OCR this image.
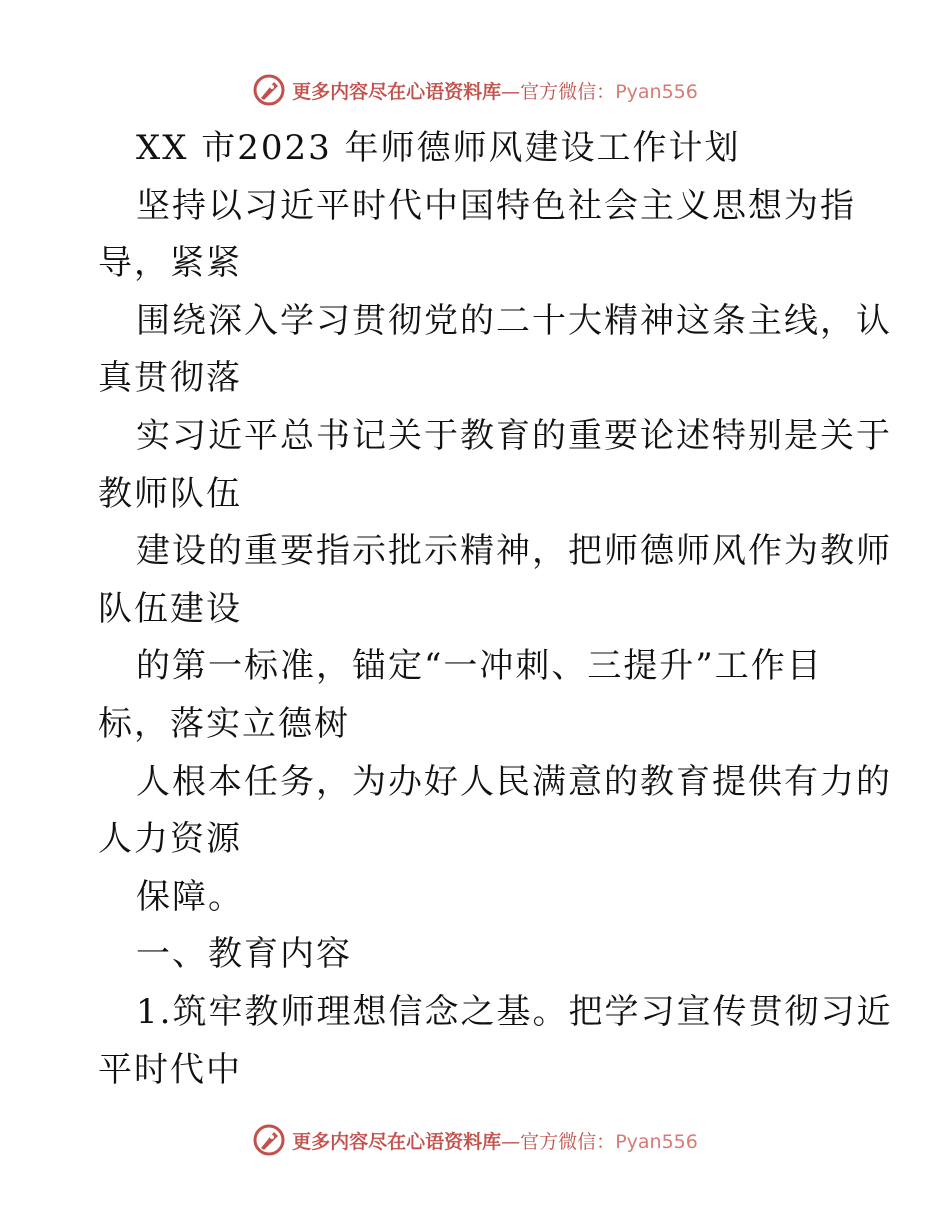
更多内容尽在心语资料库—官方微信：Pyan556
XX 市2023 年师德师风建设工作计划
坚持以习近平时代中国特色社会主义思想为指
导，紧紧
围绕深入学习贯彻党的二十大精神这条主线，认
真贯彻落
实习近平总书记关于教育的重要论述特别是关于
教师队伍
建设的重要指示批示精神，把师德师风作为教师
队伍建设
的第一标准，锚定“一冲刺、三提升”工作目
标，落实立德树
人根本任务，为办好人民满意的教育提供有力的
人力资源
保障。
一、教育内容
1.筑牢教师理想信念之基。把学习宣传贯彻习近
平时代中
更多内容尽在心语资料库—官方微信：Pyan556
